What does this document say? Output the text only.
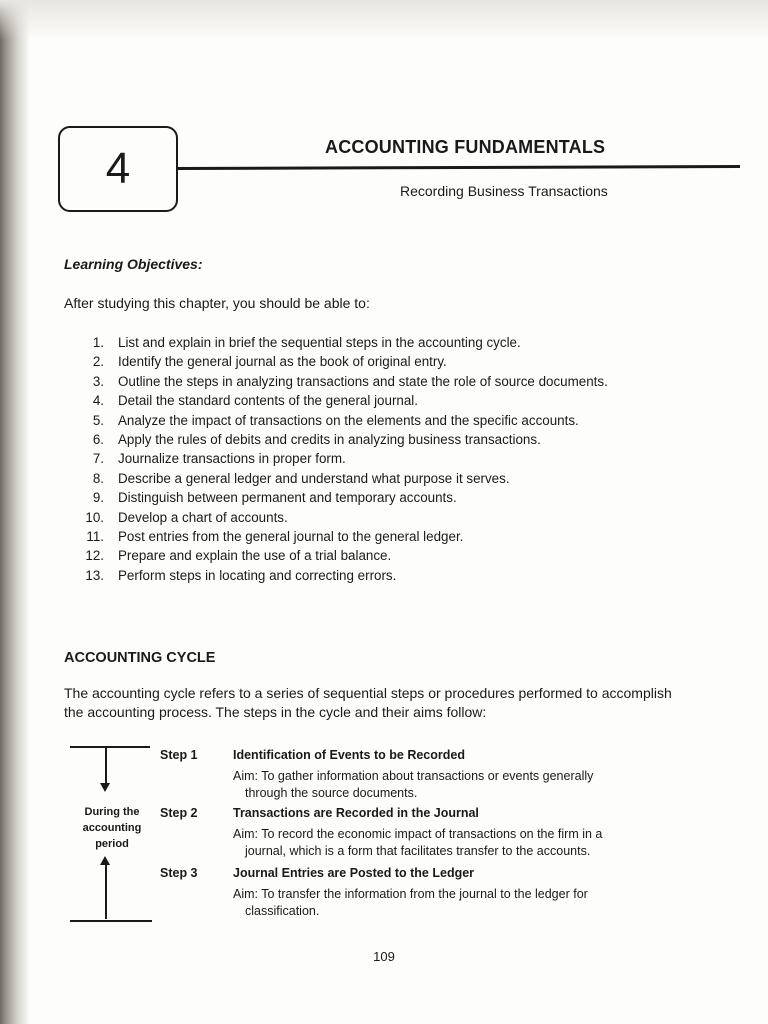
4	ACCOUNTING FUNDAMENTALS
Recording Business Transactions
Learning Objectives:
After studying this chapter, you should be able to:
1.	List and explain in brief the sequential steps in the accounting cycle.
2.	Identify the general journal as the book of original entry.
3.	Outline the steps in analyzing transactions and state the role of source documents.
4.	Detail the standard contents of the general journal.
5.	Analyze the impact of transactions on the elements and the specific accounts.
6.	Apply the rules of debits and credits in analyzing business transactions.
7.	Journalize transactions in proper form.
8.	Describe a general ledger and understand what purpose it serves.
9.	Distinguish between permanent and temporary accounts.
10.	Develop a chart of accounts.
11.	Post entries from the general journal to the general ledger.
12.	Prepare and explain the use of a trial balance.
13.	Perform steps in locating and correcting errors.
ACCOUNTING CYCLE
The accounting cycle refers to a series of sequential steps or procedures performed to accomplish the accounting process. The steps in the cycle and their aims follow:
During the
accounting
period
Step 1	Identification of Events to be Recorded
Aim: To gather information about transactions or events generally
through the source documents.
Step 2	Transactions are Recorded in the Journal
Aim: To record the economic impact of transactions on the firm in a
journal, which is a form that facilitates transfer to the accounts.
Step 3	Journal Entries are Posted to the Ledger
Aim: To transfer the information from the journal to the ledger for
classification.
109
